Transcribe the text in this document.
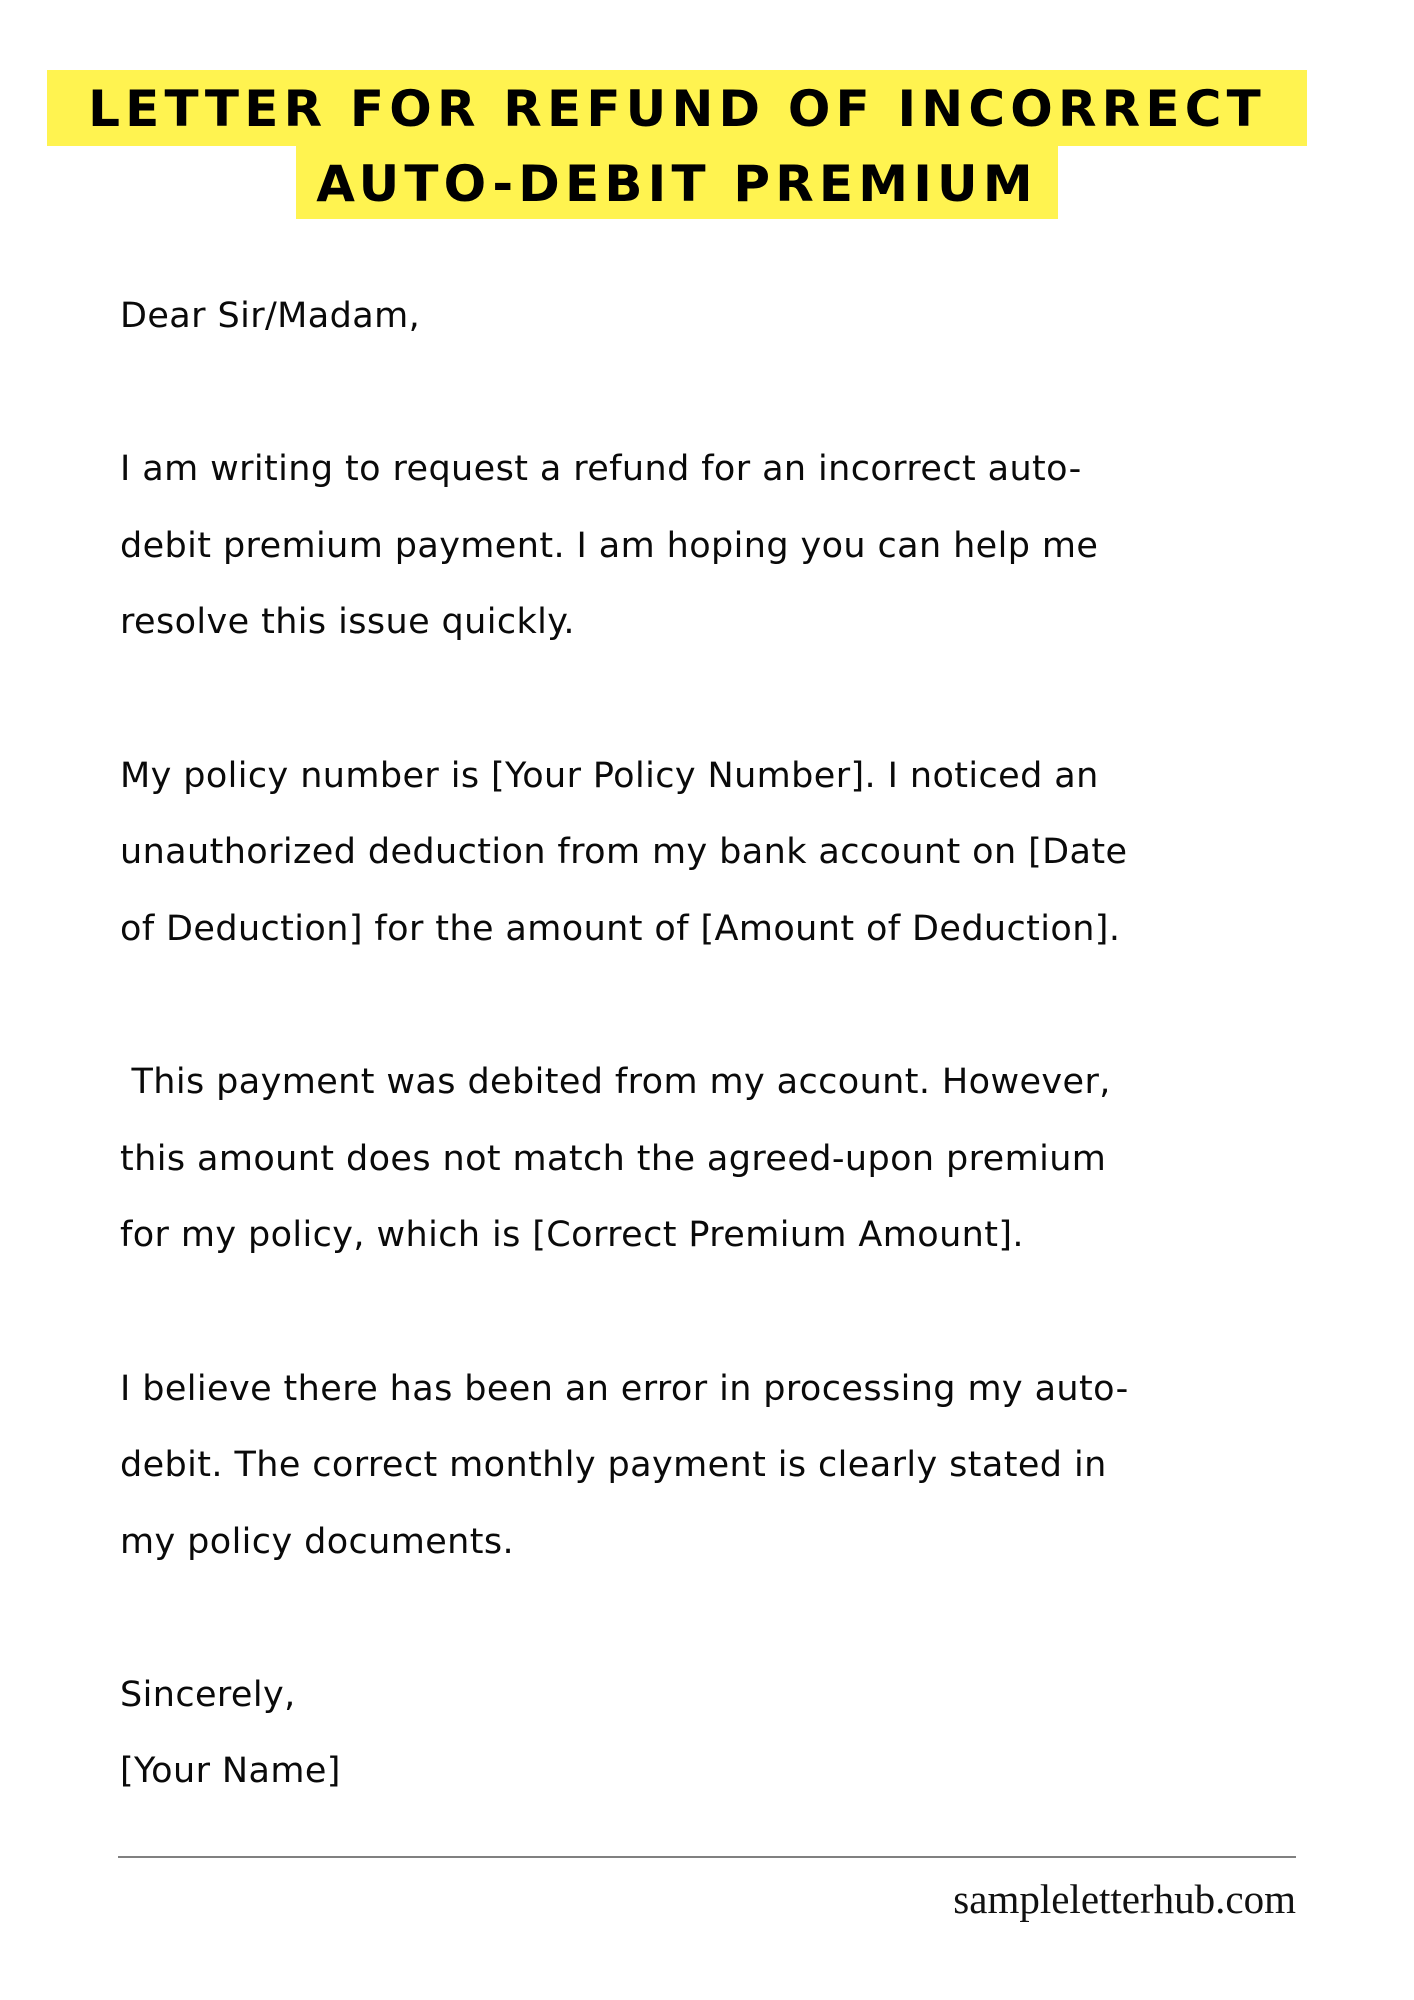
LETTER FOR REFUND OF INCORRECT
AUTO-DEBIT PREMIUM
Dear Sir/Madam,
I am writing to request a refund for an incorrect auto-
debit premium payment. I am hoping you can help me
resolve this issue quickly.
My policy number is [Your Policy Number]. I noticed an
unauthorized deduction from my bank account on [Date
of Deduction] for the amount of [Amount of Deduction].
This payment was debited from my account. However,
this amount does not match the agreed-upon premium
for my policy, which is [Correct Premium Amount].
I believe there has been an error in processing my auto-
debit. The correct monthly payment is clearly stated in
my policy documents.
Sincerely,
[Your Name]
sampleletterhub.com
